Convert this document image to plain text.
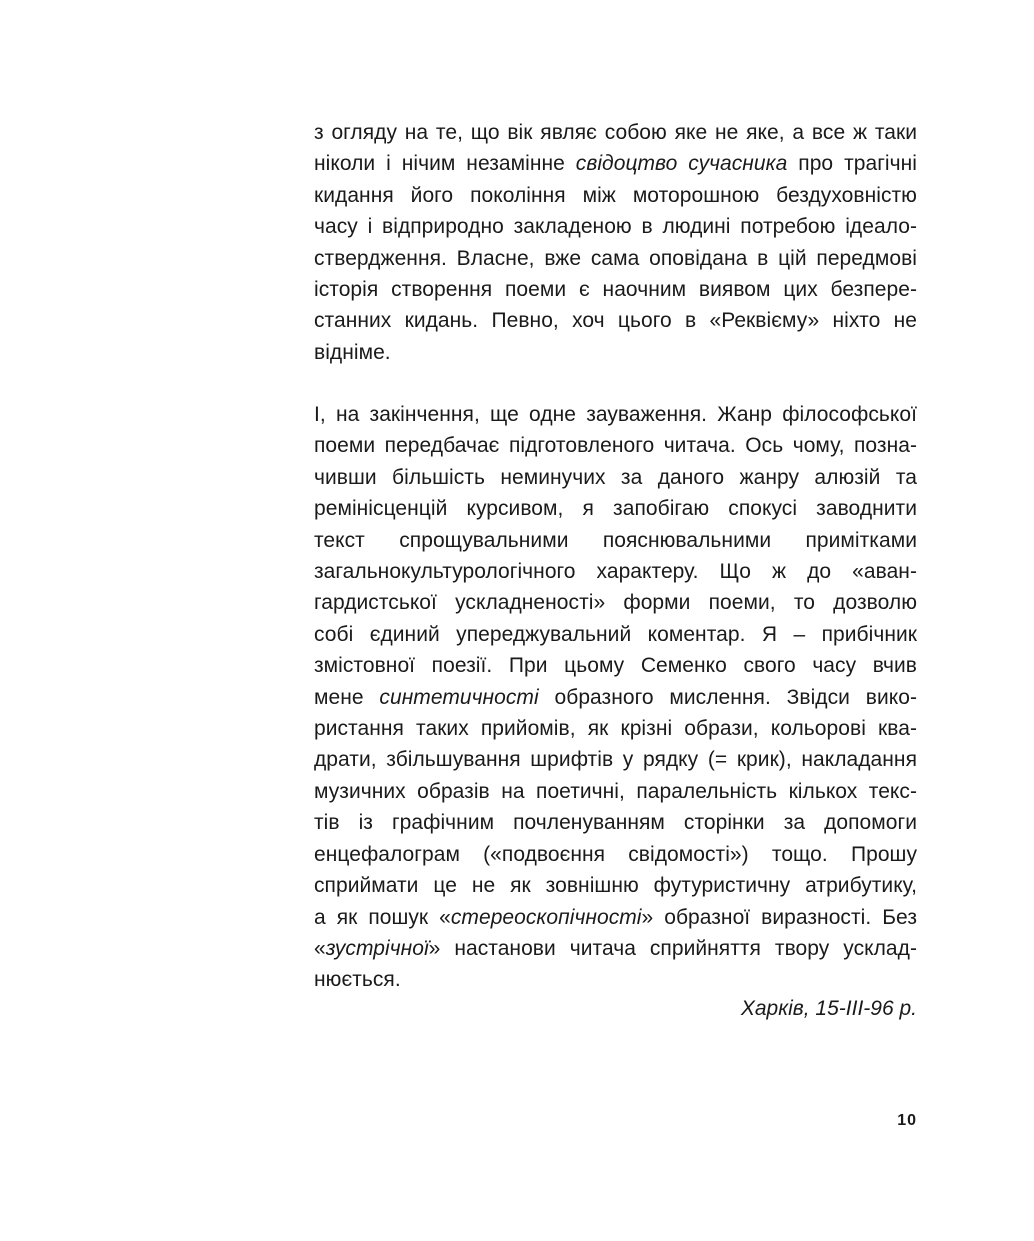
з огляду на те, що вік являє собою яке не яке, а все ж таки
ніколи і нічим незамінне свідоцтво сучасника про трагічні
кидання його покоління між моторошною бездуховністю
часу і відприродно закладеною в людині потребою ідеало-
ствердження. Власне, вже сама оповідана в цій передмові
історія створення поеми є наочним виявом цих безпере-
станних кидань. Певно, хоч цього в «Реквієму» ніхто не
відніме.
І, на закінчення, ще одне зауваження. Жанр філософської
поеми передбачає підготовленого читача. Ось чому, позна-
чивши більшість неминучих за даного жанру алюзій та
ремінісценцій курсивом, я запобігаю спокусі заводнити
текст спрощувальними пояснювальними примітками
загальнокультурологічного характеру. Що ж до «аван-
гардистської ускладненості» форми поеми, то дозволю
собі єдиний упереджувальний коментар. Я – прибічник
змістовної поезії. При цьому Семенко свого часу вчив
мене синтетичності образного мислення. Звідси вико-
ристання таких прийомів, як крізні образи, кольорові ква-
драти, збільшування шрифтів у рядку (= крик), накладання
музичних образів на поетичні, паралельність кількох текс-
тів із графічним почленуванням сторінки за допомоги
енцефалограм («подвоєння свідомості») тощо. Прошу
сприймати це не як зовнішню футуристичну атрибутику,
а як пошук «стереоскопічності» образної виразності. Без
«зустрічної» настанови читача сприйняття твору усклад-
нюється.
Харків, 15-III-96 р.
10
